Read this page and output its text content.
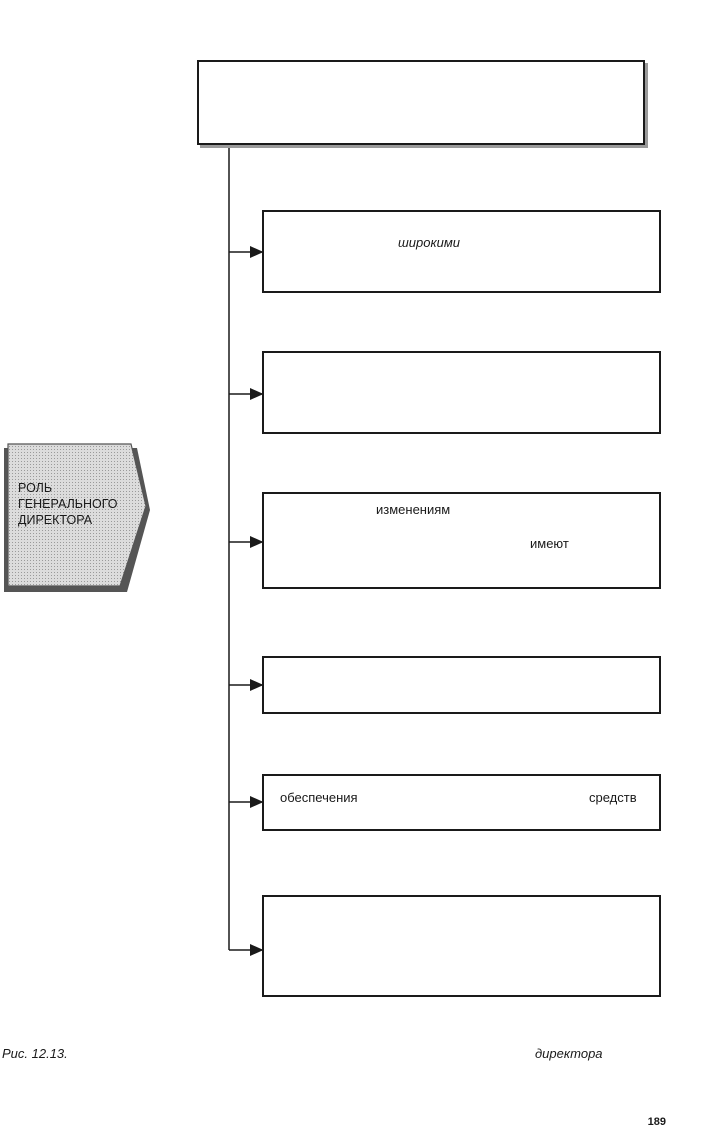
РОЛЬ
ГЕНЕРАЛЬНОГО
ДИРЕКТОРА
широкими
изменениям
имеют
обеспечения	средств
Рис. 12.13.	директора
189
